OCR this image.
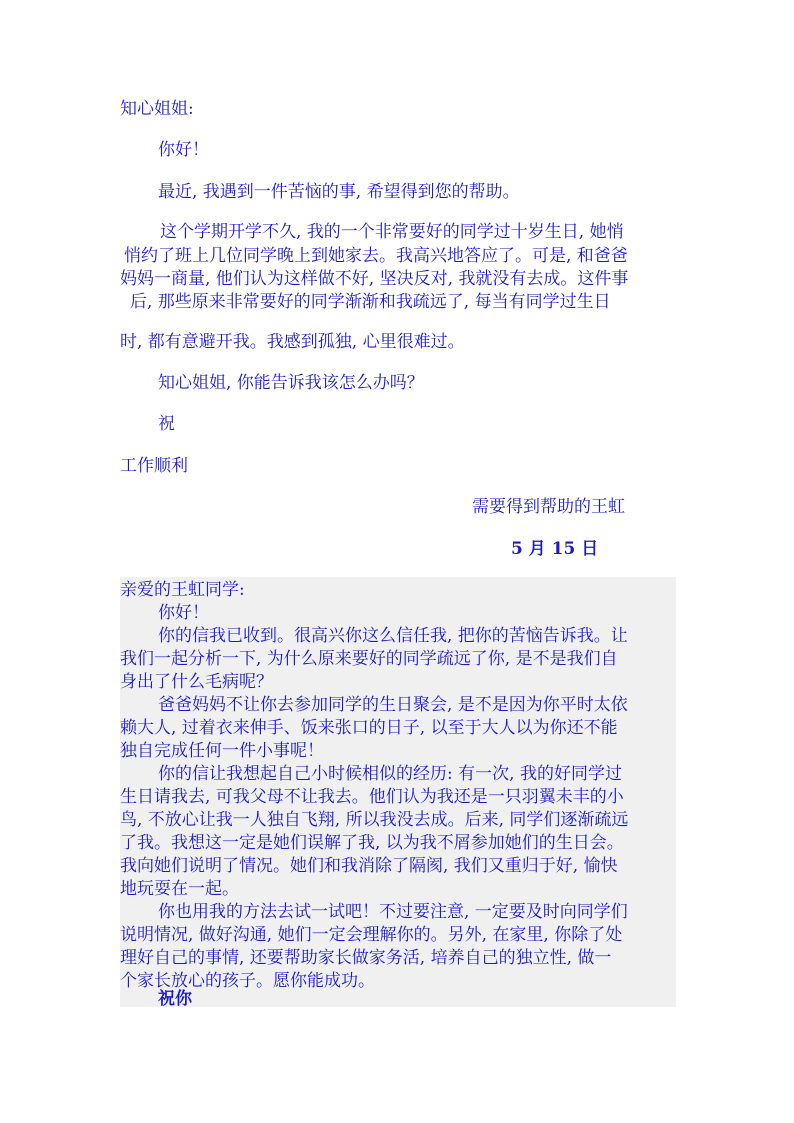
知心姐姐:
你好！
最近, 我遇到一件苦恼的事, 希望得到您的帮助。
这个学期开学不久, 我的一个非常要好的同学过十岁生日, 她悄
悄约了班上几位同学晚上到她家去。我高兴地答应了。可是, 和爸爸
妈妈一商量, 他们认为这样做不好, 坚决反对, 我就没有去成。这件事
后, 那些原来非常要好的同学渐渐和我疏远了, 每当有同学过生日
时, 都有意避开我。我感到孤独, 心里很难过。
知心姐姐, 你能告诉我该怎么办吗？
祝
工作顺利
需要得到帮助的王虹
5 月 15 日
亲爱的王虹同学:
你好！
你的信我已收到。很高兴你这么信任我, 把你的苦恼告诉我。让
我们一起分析一下, 为什么原来要好的同学疏远了你, 是不是我们自
身出了什么毛病呢？
爸爸妈妈不让你去参加同学的生日聚会, 是不是因为你平时太依
赖大人, 过着衣来伸手、饭来张口的日子, 以至于大人以为你还不能
独自完成任何一件小事呢！
你的信让我想起自己小时候相似的经历: 有一次, 我的好同学过
生日请我去, 可我父母不让我去。他们认为我还是一只羽翼未丰的小
鸟, 不放心让我一人独自飞翔, 所以我没去成。后来, 同学们逐渐疏远
了我。我想这一定是她们误解了我, 以为我不屑参加她们的生日会。
我向她们说明了情况。她们和我消除了隔阂, 我们又重归于好, 愉快
地玩耍在一起。
你也用我的方法去试一试吧！不过要注意, 一定要及时向同学们
说明情况, 做好沟通, 她们一定会理解你的。另外, 在家里, 你除了处
理好自己的事情, 还要帮助家长做家务活, 培养自己的独立性, 做一
个家长放心的孩子。愿你能成功。
祝你
